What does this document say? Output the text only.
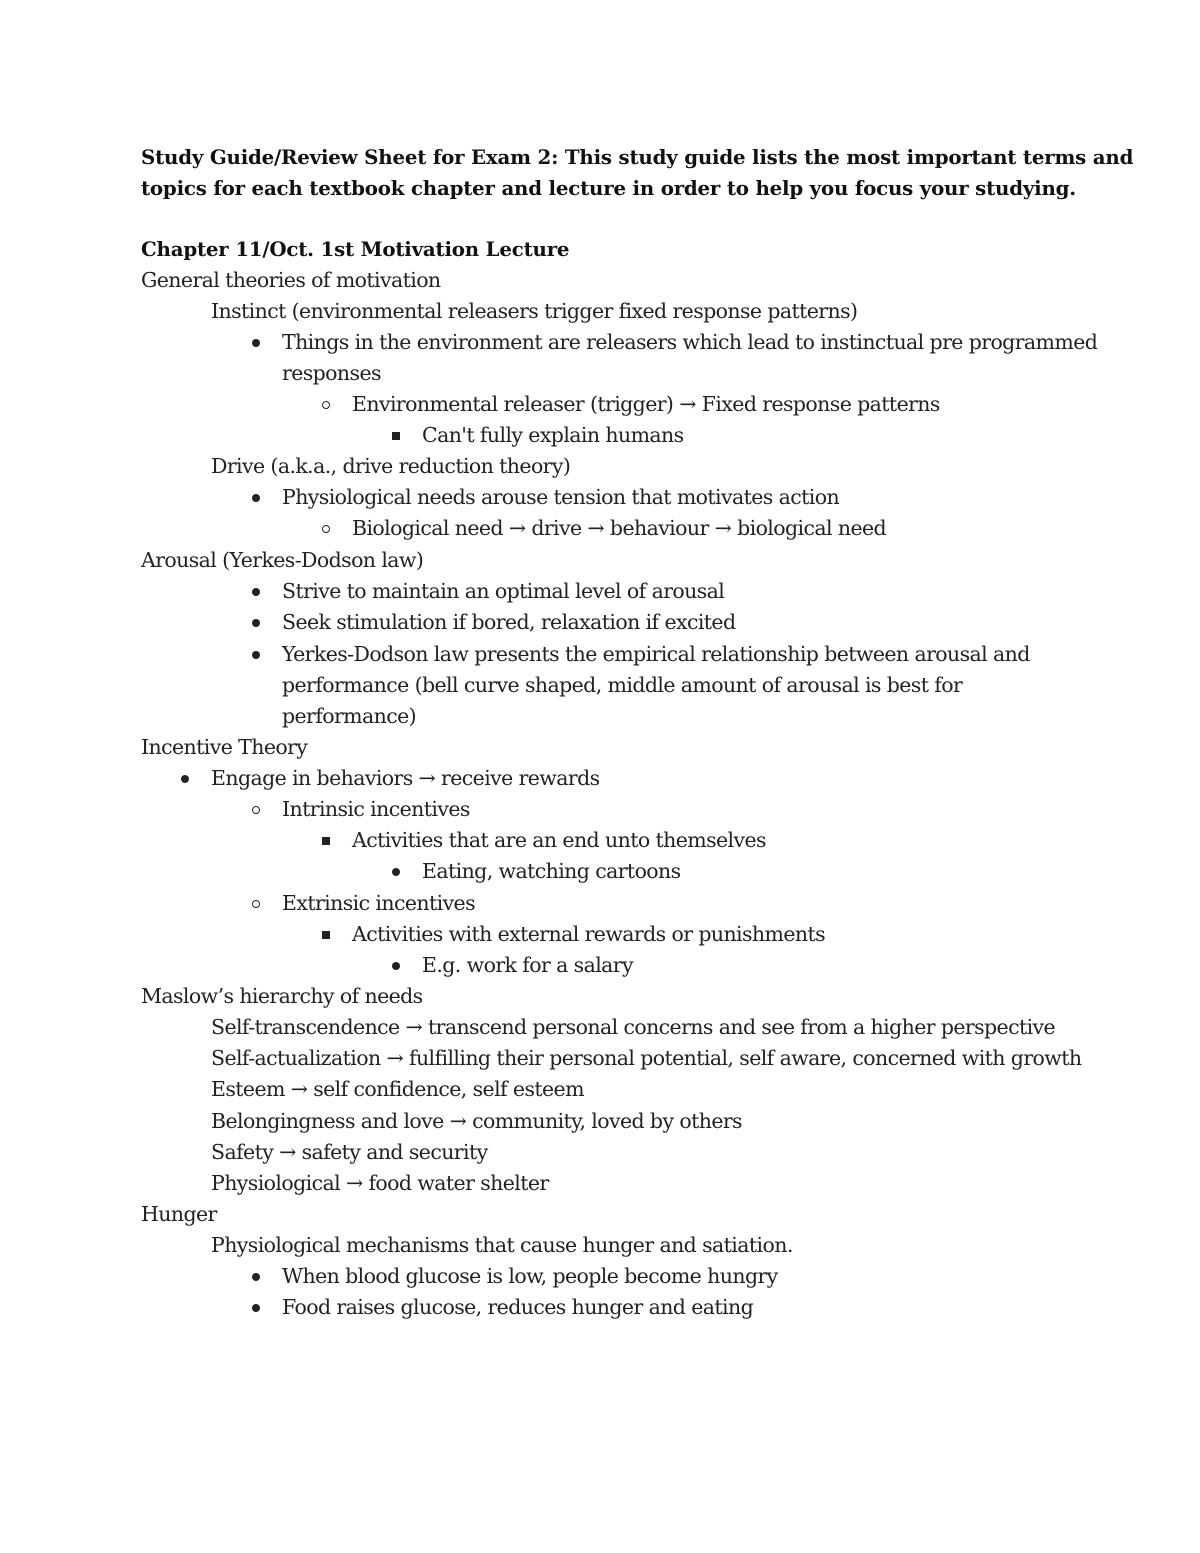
Study Guide/Review Sheet for Exam 2: This study guide lists the most important terms and
topics for each textbook chapter and lecture in order to help you focus your studying.
Chapter 11/Oct. 1st Motivation Lecture
General theories of motivation
Instinct (environmental releasers trigger fixed response patterns)
Things in the environment are releasers which lead to instinctual pre programmed
responses
Environmental releaser (trigger) → Fixed response patterns
Can't fully explain humans
Drive (a.k.a., drive reduction theory)
Physiological needs arouse tension that motivates action
Biological need → drive → behaviour → biological need
Arousal (Yerkes-Dodson law)
Strive to maintain an optimal level of arousal
Seek stimulation if bored, relaxation if excited
Yerkes-Dodson law presents the empirical relationship between arousal and
performance (bell curve shaped, middle amount of arousal is best for
performance)
Incentive Theory
Engage in behaviors → receive rewards
Intrinsic incentives
Activities that are an end unto themselves
Eating, watching cartoons
Extrinsic incentives
Activities with external rewards or punishments
E.g. work for a salary
Maslow’s hierarchy of needs
Self-transcendence → transcend personal concerns and see from a higher perspective
Self-actualization → fulfilling their personal potential, self aware, concerned with growth
Esteem → self confidence, self esteem
Belongingness and love → community, loved by others
Safety → safety and security
Physiological → food water shelter
Hunger
Physiological mechanisms that cause hunger and satiation.
When blood glucose is low, people become hungry
Food raises glucose, reduces hunger and eating
